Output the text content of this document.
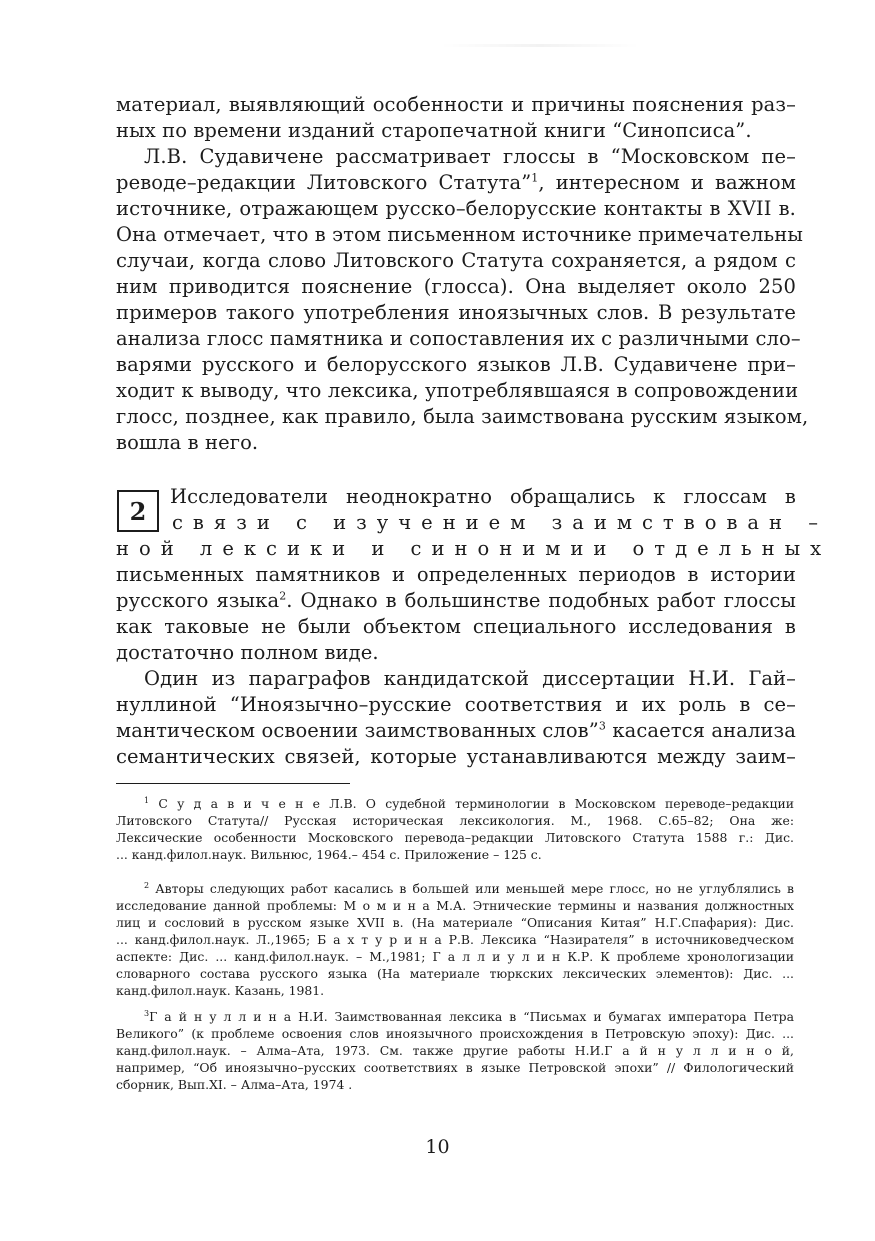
материал, выявляющий особенности и причины пояснения раз–
ных по времени изданий старопечатной книги “Синопсиса”.
Л.В. Судавичене рассматривает глоссы в “Московском пе–
реводе–редакции Литовского Статута”$^1$, интересном и важном
источнике, отражающем русско–белорусские контакты в XVII в.
Она отмечает, что в этом письменном источнике примечательны
случаи, когда слово Литовского Статута сохраняется, а рядом с
ним приводится пояснение (глосса). Она выделяет около 250
примеров такого употребления иноязычных слов. В результате
анализа глосс памятника и сопоставления их с различными сло–
варями русского и белорусского языков Л.В. Судавичене при–
ходит к выводу, что лексика, употреблявшаяся в сопровождении
глосс, позднее, как правило, была заимствована русским языком,
вошла в него.
2	Исследователи неоднократно обращались к глоссам в
связи с изучением заимствован –
ной лексики и синонимии отдельных
письменных памятников и определенных периодов в истории
русского языка$^2$. Однако в большинстве подобных работ глоссы
как таковые не были объектом специального исследования в
достаточно полном виде.
Один из параграфов кандидатской диссертации Н.И. Гай–
нуллиной “Иноязычно–русские соответствия и их роль в се–
мантическом освоении заимствованных слов”$^3$ касается анализа
семантических связей, которые устанавливаются между заим–
$^1$ С у д а в и ч е н е Л.В. О судебной терминологии в Московском переводе–редакции
Литовского Статута// Русская историческая лексикология. М., 1968. С.65–82; Она же:
Лексические особенности Московского перевода–редакции Литовского Статута 1588 г.: Дис.
... канд.филол.наук. Вильнюс, 1964.– 454 с. Приложение – 125 с.
$^2$ Авторы следующих работ касались в большей или меньшей мере глосс, но не углублялись в
исследование данной проблемы: М о м и н а М.А. Этнические термины и названия должностных
лиц и сословий в русском языке XVII в. (На материале “Описания Китая” Н.Г.Спафария): Дис.
... канд.филол.наук. Л.,1965; Б а х т у р и н а Р.В. Лексика “Назирателя” в источниковедческом
аспекте: Дис. ... канд.филол.наук. – М.,1981; Г а л л и у л и н К.Р. К проблеме хронологизации
словарного состава русского языка (На материале тюркских лексических элементов): Дис. ...
канд.филол.наук. Казань, 1981.
$^3$Г а й н у л л и н а Н.И. Заимствованная лексика в “Письмах и бумагах императора Петра
Великого” (к проблеме освоения слов иноязычного происхождения в Петровскую эпоху): Дис. ...
канд.филол.наук. – Алма–Ата, 1973. См. также другие работы Н.И.Г а й н у л л и н о й,
например, “Об иноязычно–русских соответствиях в языке Петровской эпохи” // Филологический
сборник, Вып.XI. – Алма–Ата, 1974 .
10
